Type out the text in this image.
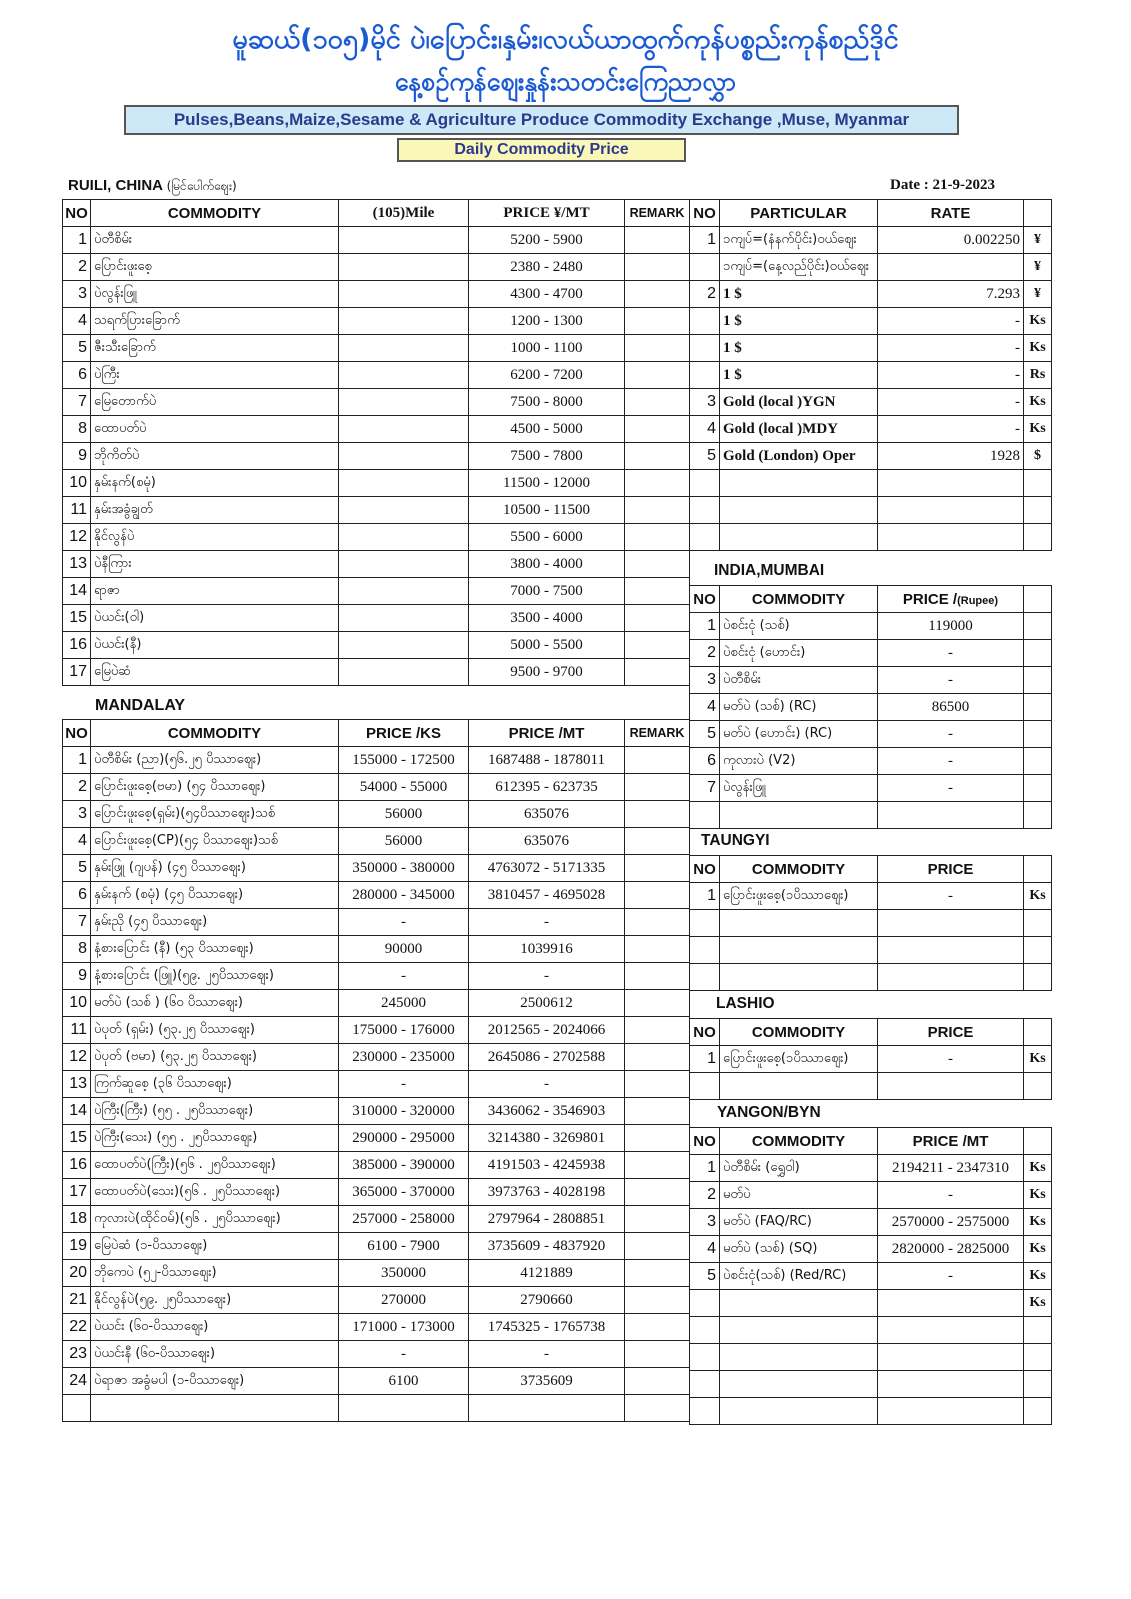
မူဆယ်(၁၀၅)မိုင် ပဲ၊ပြောင်း၊နှမ်း၊လယ်ယာထွက်ကုန်ပစ္စည်းကုန်စည်ဒိုင်
နေ့စဉ်ကုန်ဈေးနှုန်းသတင်းကြေညာလွှာ
Pulses,Beans,Maize,Sesame & Agriculture Produce Commodity Exchange ,Muse, Myanmar
Daily Commodity Price
RUILI, CHINA (မြင်ပေါက်ဈေး)	Date : 21-9-2023
NO	COMMODITY	(105)Mile	PRICE ¥/MT	REMARK
1	ပဲတီစိမ်း		5200 - 5900	
2	ပြောင်းဖူးစေ့		2380 - 2480	
3	ပဲလွန်းဖြူ		4300 - 4700	
4	သရက်ပြားခြောက်		1200 - 1300	
5	ဇီးသီးခြောက်		1000 - 1100	
6	ပဲကြီး		6200 - 7200	
7	မြေတောက်ပဲ		7500 - 8000	
8	ထောပတ်ပဲ		4500 - 5000	
9	ဘိုကိတ်ပဲ		7500 - 7800	
10	နှမ်းနက်(စမုံ)		11500 - 12000	
11	နှမ်းအခွံချွတ်		10500 - 11500	
12	နိုင်လွန်ပဲ		5500 - 6000	
13	ပဲနီကြား		3800 - 4000	
14	ရာဇာ		7000 - 7500	
15	ပဲယင်း(ဝါ)		3500 - 4000	
16	ပဲယင်း(နီ)		5000 - 5500	
17	မြေပဲဆံ		9500 - 9700	
MANDALAY
NO	COMMODITY	PRICE /KS	PRICE /MT	REMARK
1	ပဲတီစိမ်း (ညာ)(၅၆.၂၅ ပိဿာဈေး)	155000 - 172500	1687488 - 1878011	
2	ပြောင်းဖူးစေ့(ဗမာ) (၅၄ ပိဿာဈေး)	54000 - 55000	612395 - 623735	
3	ပြောင်းဖူးစေ့(ရှမ်း)(၅၄ပိဿာဈေး)သစ်	56000	635076	
4	ပြောင်းဖူးစေ့(CP)(၅၄ ပိဿာဈေး)သစ်	56000	635076	
5	နှမ်းဖြူ (ဂျပန်) (၄၅ ပိဿာဈေး)	350000 - 380000	4763072 - 5171335	
6	နှမ်းနက် (စမုံ) (၄၅ ပိဿာဈေး)	280000 - 345000	3810457 - 4695028	
7	နှမ်းညို (၄၅ ပိဿာဈေး)	-	-	
8	နံ့စားပြောင်း (နီ) (၅၃ ပိဿာဈေး)	90000	1039916	
9	နံ့စားပြောင်း (ဖြူ)(၅၉. ၂၅ပိဿာဈေး)	-	-	
10	မတ်ပဲ (သစ် ) (၆၀ ပိဿာဈေး)	245000	2500612	
11	ပဲပုတ် (ရှမ်း) (၅၃.၂၅ ပိဿာဈေး)	175000 - 176000	2012565 - 2024066	
12	ပဲပုတ် (ဗမာ) (၅၃.၂၅ ပိဿာဈေး)	230000 - 235000	2645086 - 2702588	
13	ကြက်ဆူစေ့ (၃၆ ပိဿာဈေး)	-	-	
14	ပဲကြီး(ကြီး) (၅၅ . ၂၅ပိဿာဈေး)	310000 - 320000	3436062 - 3546903	
15	ပဲကြီး(သေး) (၅၅ . ၂၅ပိဿာဈေး)	290000 - 295000	3214380 - 3269801	
16	ထောပတ်ပဲ(ကြီး)(၅၆ . ၂၅ပိဿာဈေး)	385000 - 390000	4191503 - 4245938	
17	ထောပတ်ပဲ(သေး)(၅၆ . ၂၅ပိဿာဈေး)	365000 - 370000	3973763 - 4028198	
18	ကုလားပဲ(ထိုင်ဝမ်)(၅၆ . ၂၅ပိဿာဈေး)	257000 - 258000	2797964 - 2808851	
19	မြေပဲဆံ (၁-ပိဿာဈေး)	6100 - 7900	3735609 - 4837920	
20	ဘိုကေပဲ (၅၂-ပိဿာဈေး)	350000	4121889	
21	နိုင်လွန်ပဲ(၅၉. ၂၅ပိဿာဈေး)	270000	2790660	
22	ပဲယင်း (၆၀-ပိဿာဈေး)	171000 - 173000	1745325 - 1765738	
23	ပဲယင်းနီ (၆၀-ပိဿာဈေး)	-	-	
24	ပဲရာဇာ အခွံမပါ (၁-ပိဿာဈေး)	6100	3735609	

NO	PARTICULAR	RATE	
1	၁ကျပ်=(နံနက်ပိုင်း)ဝယ်ဈေး	0.002250	¥
	၁ကျပ်=(နေ့လည်ပိုင်း)ဝယ်ဈေး		¥
2	1 $	7.293	¥
	1 $	-	Ks
	1 $	-	Ks
	1 $	-	Rs
3	Gold (local )YGN	-	Ks
4	Gold (local )MDY	-	Ks
5	Gold (London) Oper	1928	$

INDIA,MUMBAI
NO	COMMODITY	PRICE /(Rupee)	
1	ပဲစင်းငုံ (သစ်)	119000	
2	ပဲစင်းငုံ (ဟောင်း)	-	
3	ပဲတီစိမ်း	-	
4	မတ်ပဲ (သစ်) (RC)	86500	
5	မတ်ပဲ (ဟောင်း) (RC)	-	
6	ကုလားပဲ (V2)	-	
7	ပဲလွန်းဖြူ	-	

TAUNGYI
NO	COMMODITY	PRICE	
1	ပြောင်းဖူးစေ့(၁ပိဿာဈေး)	-	Ks

LASHIO
NO	COMMODITY	PRICE	
1	ပြောင်းဖူးစေ့(၁ပိဿာဈေး)	-	Ks

YANGON/BYN
NO	COMMODITY	PRICE /MT	
1	ပဲတီစိမ်း (ရွှေဝါ)	2194211 - 2347310	Ks
2	မတ်ပဲ	-	Ks
3	မတ်ပဲ (FAQ/RC)	2570000 - 2575000	Ks
4	မတ်ပဲ (သစ်) (SQ)	2820000 - 2825000	Ks
5	ပဲစင်းငုံ(သစ်) (Red/RC)	-	Ks
			Ks
